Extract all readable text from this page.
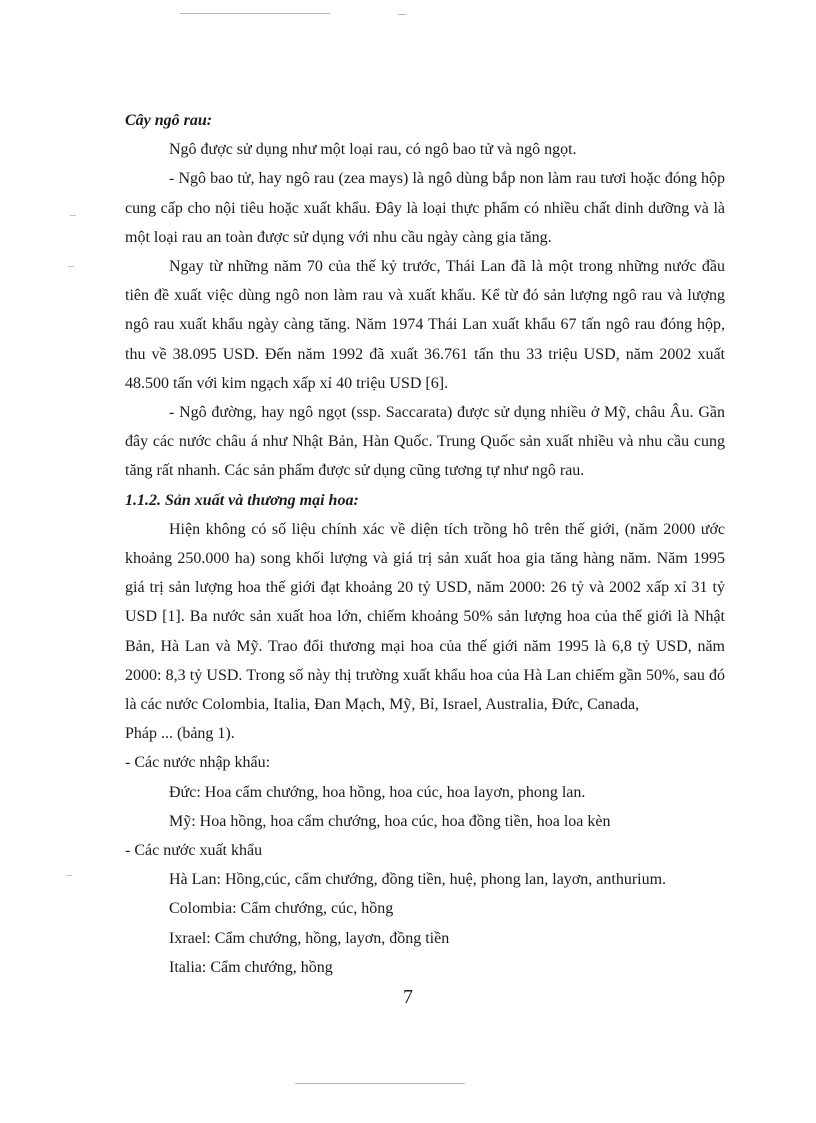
Cây ngô rau:

Ngô được sử dụng như một loại rau, có ngô bao tử và ngô ngọt.

- Ngô bao tử, hay ngô rau (zea mays) là ngô dùng bắp non làm rau tươi hoặc đóng hộp cung cấp cho nội tiêu hoặc xuất khẩu. Đây là loại thực phẩm có nhiều chất dinh dưỡng và là một loại rau an toàn được sử dụng với nhu cầu ngày càng gia tăng.

Ngay từ những năm 70 của thế kỷ trước, Thái Lan đã là một trong những nước đầu tiên đề xuất việc dùng ngô non làm rau và xuất khẩu. Kể từ đó sản lượng ngô rau và lượng ngô rau xuất khẩu ngày càng tăng. Năm 1974 Thái Lan xuất khẩu 67 tấn ngô rau đóng hộp, thu về 38.095 USD. Đến năm 1992 đã xuất 36.761 tấn thu 33 triệu USD, năm 2002 xuất 48.500 tấn với kim ngạch xấp xỉ 40 triệu USD [6].

- Ngô đường, hay ngô ngọt (ssp. Saccarata) được sử dụng nhiều ở Mỹ, châu Âu. Gần đây các nước châu á như Nhật Bản, Hàn Quốc. Trung Quốc sản xuất nhiều và nhu cầu cung tăng rất nhanh. Các sản phẩm được sử dụng cũng tương tự như ngô rau.

1.1.2. Sản xuất và thương mại hoa:

Hiện không có số liệu chính xác về diện tích trồng hô trên thế giới, (năm 2000 ước khoảng 250.000 ha) song khối lượng và giá trị sản xuất hoa gia tăng hàng năm. Năm 1995 giá trị sản lượng hoa thế giới đạt khoảng 20 tỷ USD, năm 2000: 26 tỷ và 2002 xấp xỉ 31 tỷ USD [1]. Ba nước sản xuất hoa lớn, chiếm khoảng 50% sản lượng hoa của thế giới là Nhật Bản, Hà Lan và Mỹ. Trao đổi thương mại hoa của thế giới năm 1995 là 6,8 tỷ USD, năm 2000: 8,3 tỷ USD. Trong số này thị trường xuất khẩu hoa của Hà Lan chiếm gần 50%, sau đó là các nước Colombia, Italia, Đan Mạch, Mỹ, Bỉ, Israel, Australia, Đức, Canada,

Pháp ... (bảng 1).

- Các nước nhập khẩu:

Đức: Hoa cẩm chướng, hoa hồng, hoa cúc, hoa layơn, phong lan.

Mỹ: Hoa hồng, hoa cẩm chướng, hoa cúc, hoa đồng tiền, hoa loa kèn

- Các nước xuất khẩu

Hà Lan: Hồng,cúc, cẩm chướng, đồng tiền, huệ, phong lan, layơn, anthurium.

Colombia: Cẩm chướng, cúc, hồng

Ixrael: Cẩm chướng, hồng, layơn, đồng tiền

Italia: Cẩm chướng, hồng

7
